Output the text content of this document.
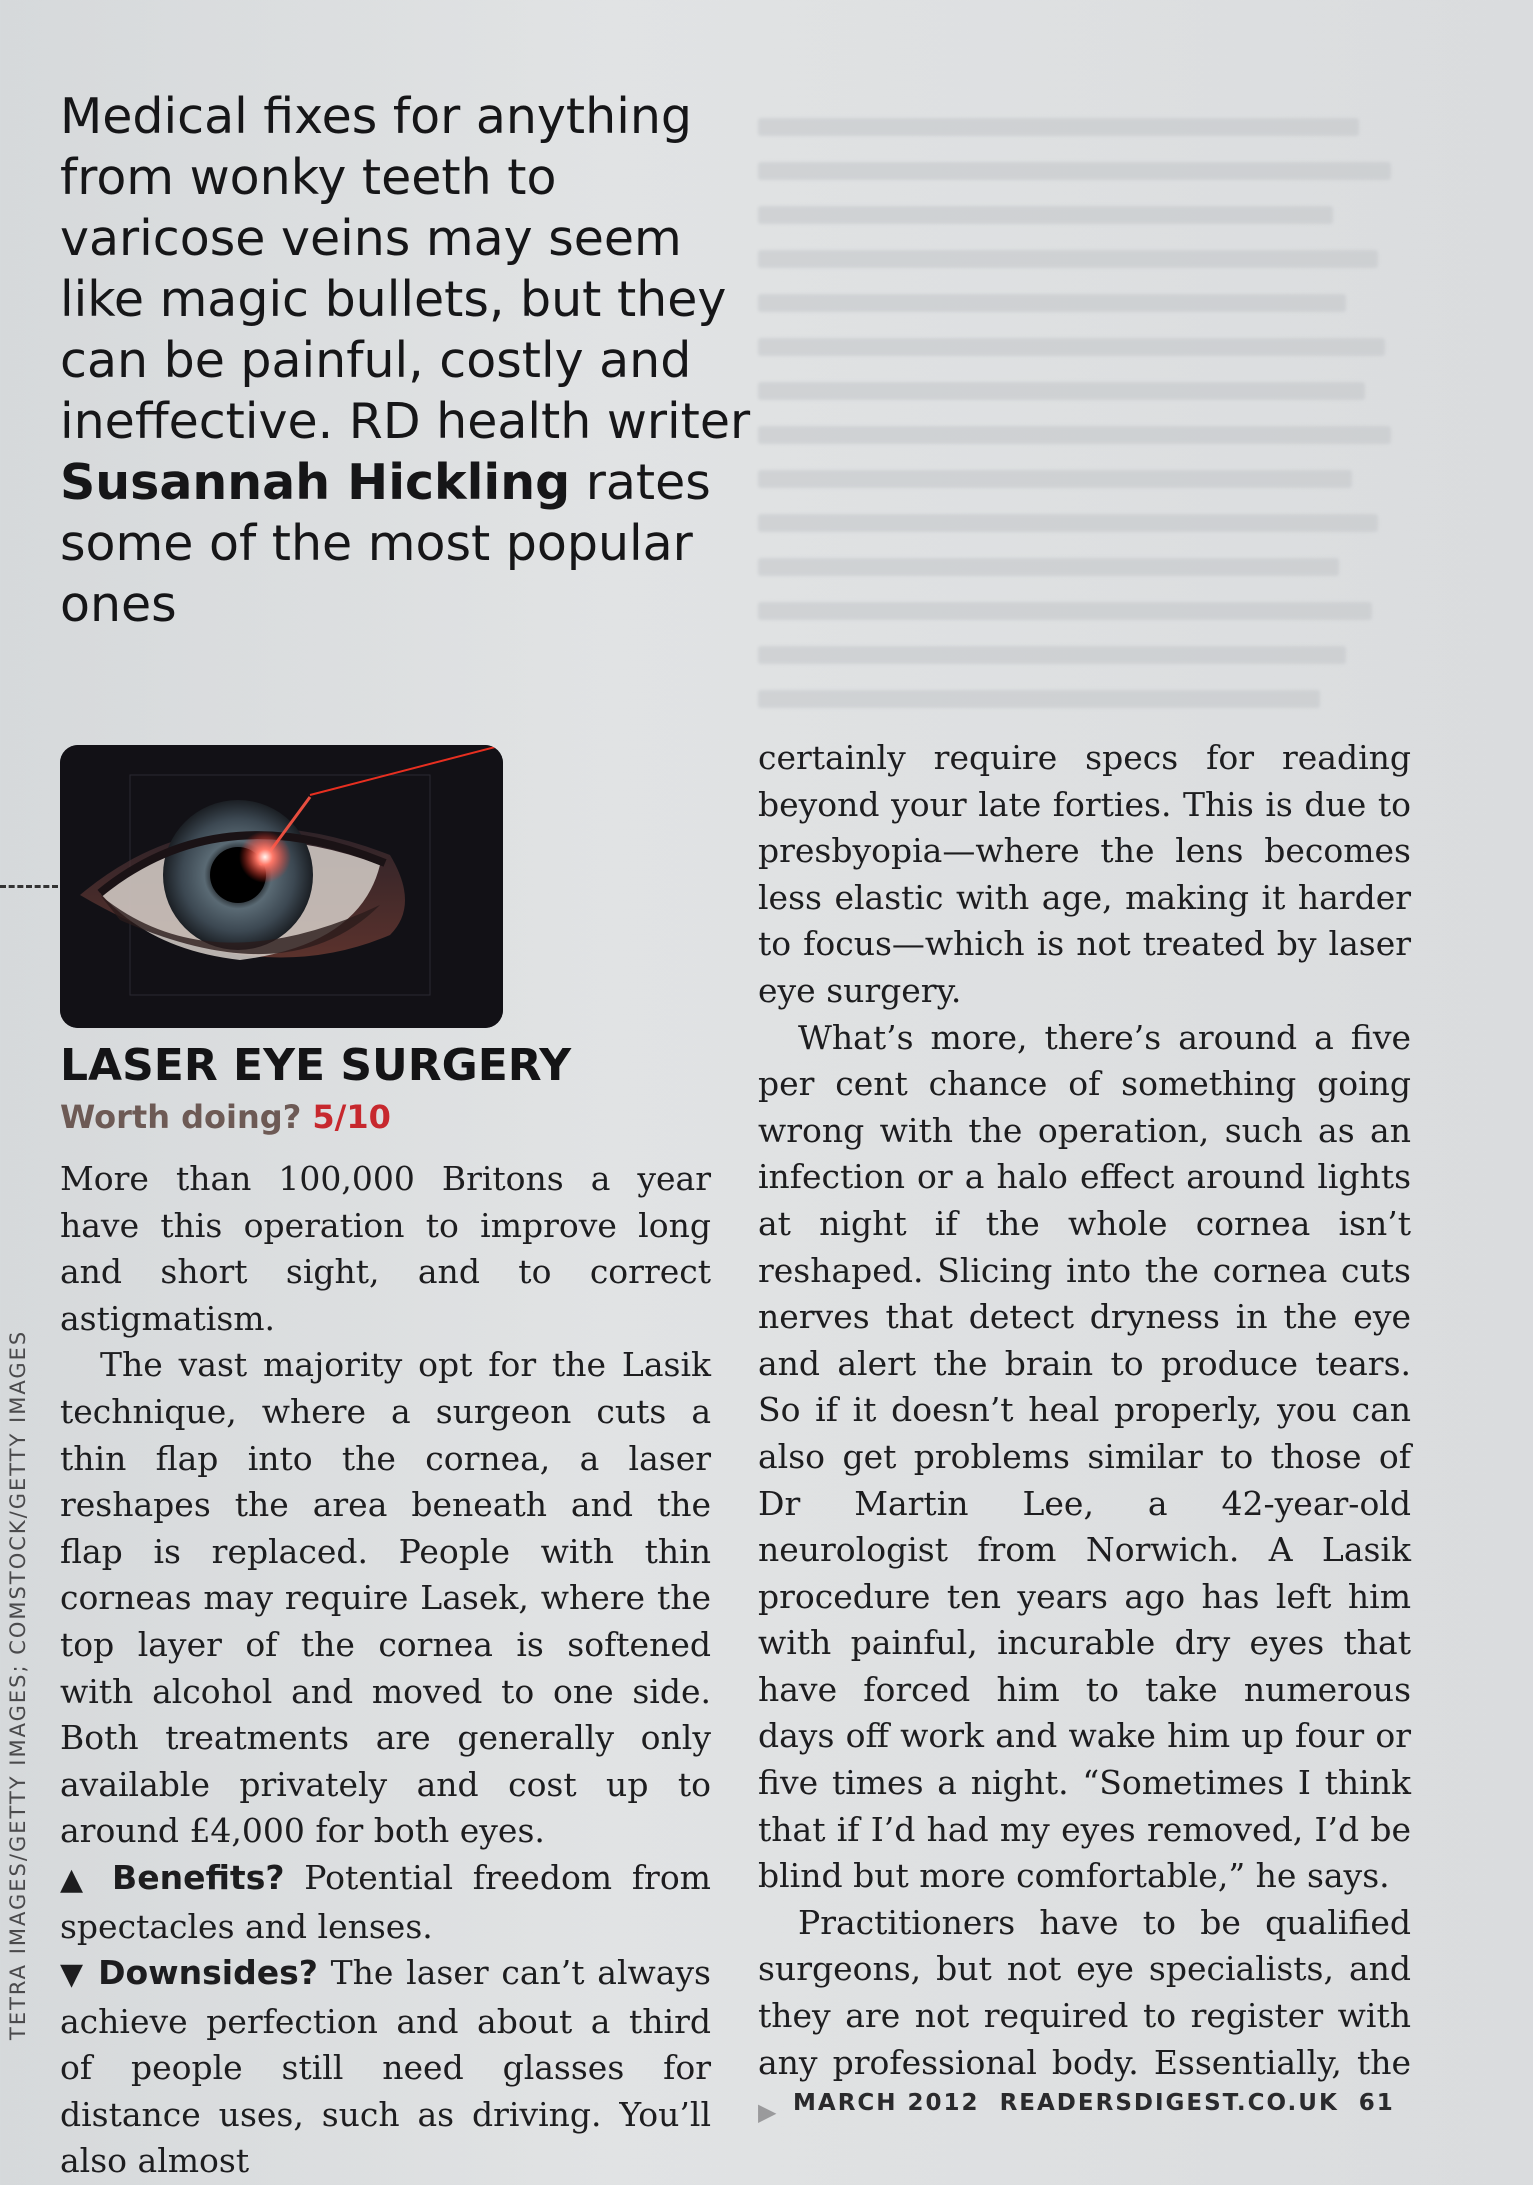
Medical fixes for anything from wonky teeth to varicose veins may seem like magic bullets, but they can be painful, costly and ineffective. RD health writer Susannah Hickling rates some of the most popular ones
LASER EYE SURGERY
Worth doing? 5/10

More than 100,000 Britons a year have this operation to improve long and short sight, and to correct astigmatism.

The vast majority opt for the Lasik technique, where a surgeon cuts a thin flap into the cornea, a laser reshapes the area beneath and the flap is replaced. People with thin corneas may require Lasek, where the top layer of the cornea is softened with alcohol and moved to one side. Both treatments are generally only available privately and cost up to around £4,000 for both eyes.

▲ Benefits? Potential freedom from spectacles and lenses.

▼ Downsides? The laser can’t always achieve perfection and about a third of people still need glasses for distance uses, such as driving. You’ll also almost

certainly require specs for reading beyond your late forties. This is due to presbyopia—where the lens becomes less elastic with age, making it harder to focus—which is not treated by laser eye surgery.

What’s more, there’s around a five per cent chance of something going wrong with the operation, such as an infection or a halo effect around lights at night if the whole cornea isn’t reshaped. Slicing into the cornea cuts nerves that detect dryness in the eye and alert the brain to produce tears. So if it doesn’t heal properly, you can also get problems similar to those of Dr Martin Lee, a 42-year-old neurologist from Norwich. A Lasik procedure ten years ago has left him with painful, incurable dry eyes that have forced him to take numerous days off work and wake him up four or five times a night. “Sometimes I think that if I’d had my eyes removed, I’d be blind but more comfortable,” he says.

Practitioners have to be qualified surgeons, but not eye specialists, and they are not required to register with any professional body. Essentially, the ▶

TETRA IMAGES/GETTY IMAGES; COMSTOCK/GETTY IMAGES
MARCH 2012 READERSDIGEST.CO.UK 61
